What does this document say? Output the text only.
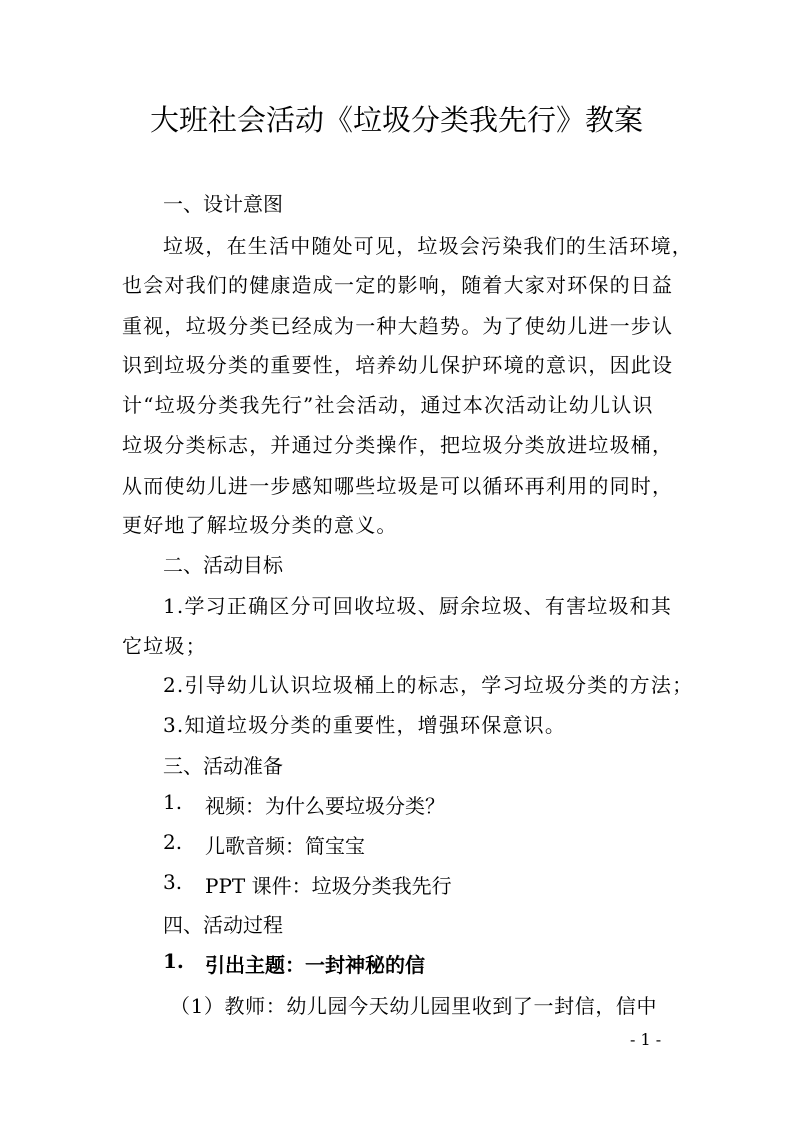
大班社会活动《垃圾分类我先行》教案
一、设计意图
垃圾，在生活中随处可见，垃圾会污染我们的生活环境，
也会对我们的健康造成一定的影响，随着大家对环保的日益
重视，垃圾分类已经成为一种大趋势。为了使幼儿进一步认
识到垃圾分类的重要性，培养幼儿保护环境的意识，因此设
计“垃圾分类我先行”社会活动，通过本次活动让幼儿认识
垃圾分类标志，并通过分类操作，把垃圾分类放进垃圾桶，
从而使幼儿进一步感知哪些垃圾是可以循环再利用的同时，
更好地了解垃圾分类的意义。
二、活动目标
1.学习正确区分可回收垃圾、厨余垃圾、有害垃圾和其
它垃圾；
2.引导幼儿认识垃圾桶上的标志，学习垃圾分类的方法；
3.知道垃圾分类的重要性，增强环保意识。
三、活动准备
1. 视频：为什么要垃圾分类？
2. 儿歌音频：简宝宝
3. PPT 课件：垃圾分类我先行
四、活动过程
1. 引出主题：一封神秘的信
（1）教师：幼儿园今天幼儿园里收到了一封信，信中
- 1 -
